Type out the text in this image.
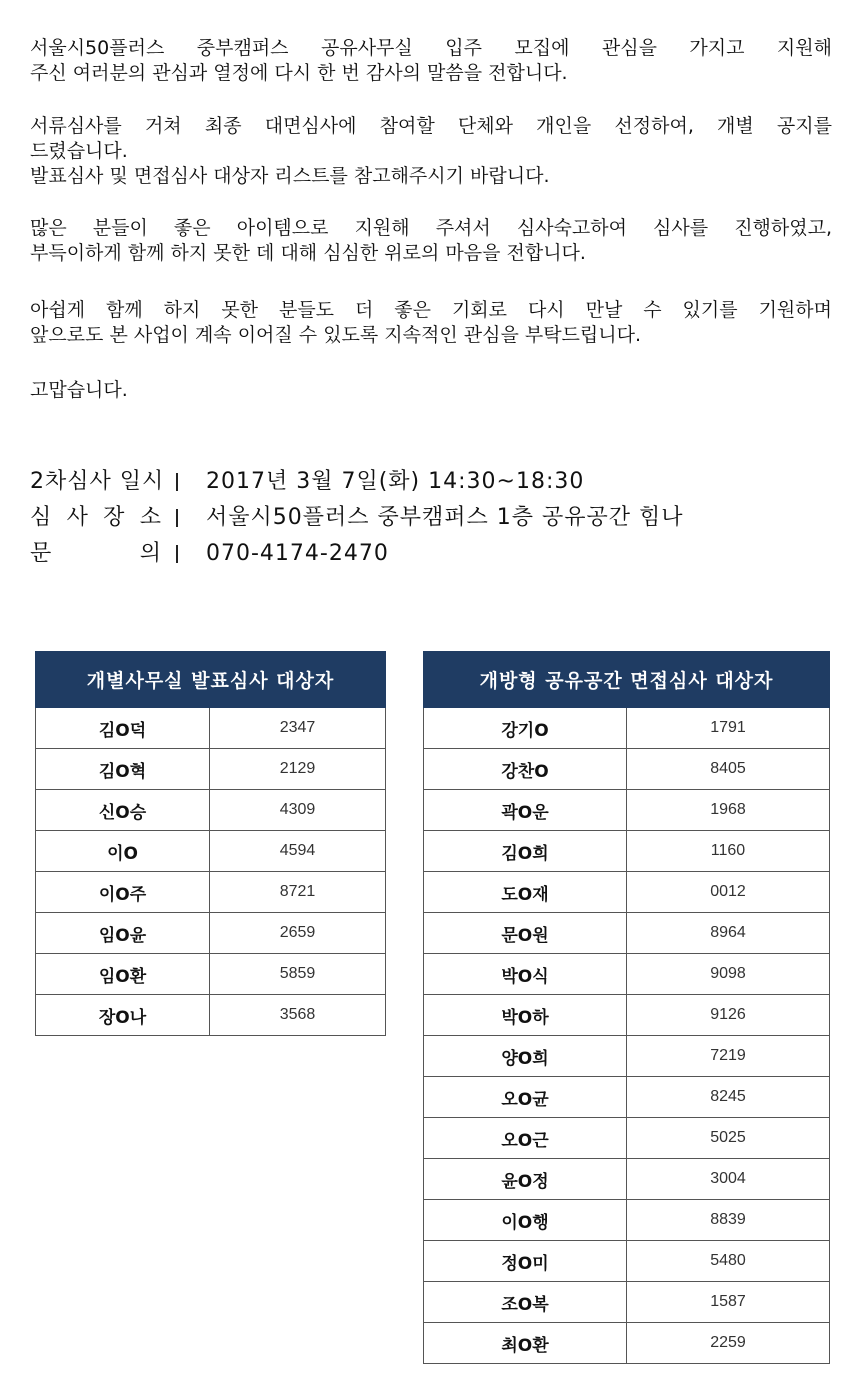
서울시50플러스 중부캠퍼스 공유사무실 입주 모집에 관심을 가지고 지원해
주신 여러분의 관심과 열정에 다시 한 번 감사의 말씀을 전합니다.
서류심사를 거쳐 최종 대면심사에 참여할 단체와 개인을 선정하여, 개별 공지를
드렸습니다.
발표심사 및 면접심사 대상자 리스트를 참고해주시기 바랍니다.
많은 분들이 좋은 아이템으로 지원해 주셔서 심사숙고하여 심사를 진행하였고,
부득이하게 함께 하지 못한 데 대해 심심한 위로의 마음을 전합니다.
아쉽게 함께 하지 못한 분들도 더 좋은 기회로 다시 만날 수 있기를 기원하며
앞으로도 본 사업이 계속 이어질 수 있도록 지속적인 관심을 부탁드립니다.
고맙습니다.
2차심사 일시 2017년 3월 7일(화) 14:30~18:30
심 사 장 소 서울시50플러스 중부캠퍼스 1층 공유공간 힘나
문	의 070-4174-2470
개별사무실 발표심사 대상자	
김O덕	2347
김O혁	2129
신O승	4309
이O	4594
이O주	8721
임O윤	2659
임O환	5859
장O나	3568
개방형 공유공간 면접심사 대상자	
강기O	1791
강찬O	8405
곽O운	1968
김O희	1160
도O재	0012
문O원	8964
박O식	9098
박O하	9126
양O희	7219
오O균	8245
오O근	5025
윤O정	3004
이O행	8839
정O미	5480
조O복	1587
최O환	2259
